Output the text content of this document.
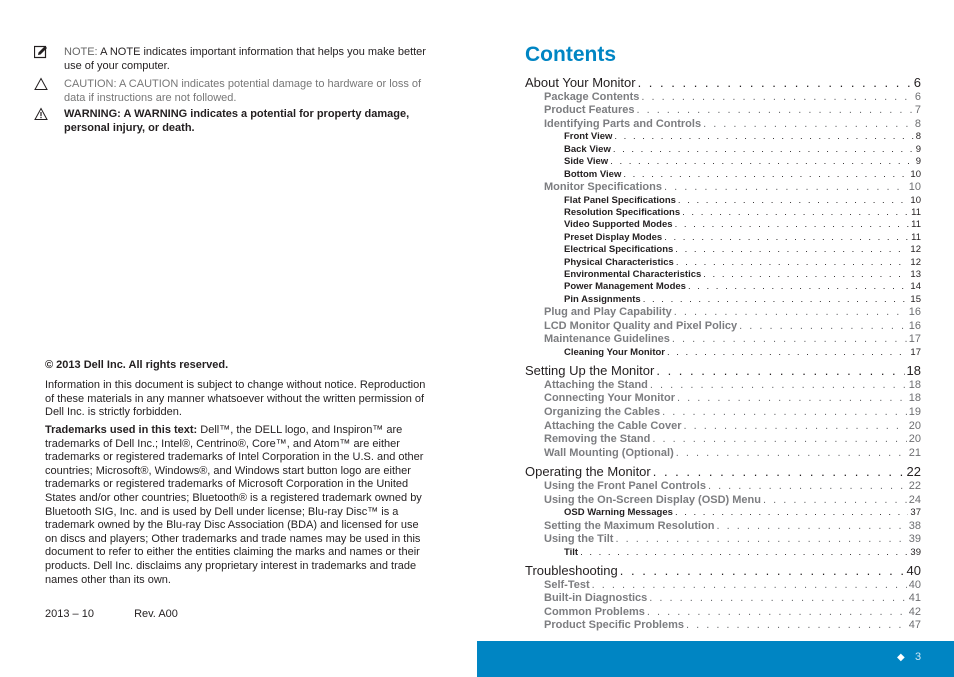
NOTE: A NOTE indicates important information that helps you make better use of your computer.
CAUTION: A CAUTION indicates potential damage to hardware or loss of data if instructions are not followed.
WARNING: A WARNING indicates a potential for property damage, personal injury, or death.
© 2013 Dell Inc. All rights reserved.

Information in this document is subject to change without notice. Reproduction of these materials in any manner whatsoever without the written permission of Dell Inc. is strictly forbidden.

Trademarks used in this text: Dell™, the DELL logo, and Inspiron™ are trademarks of Dell Inc.; Intel®, Centrino®, Core™, and Atom™ are either trademarks or registered trademarks of Intel Corporation in the U.S. and other countries; Microsoft®, Windows®, and Windows start button logo are either trademarks or registered trademarks of Microsoft Corporation in the United States and/or other countries; Bluetooth® is a registered trademark owned by Bluetooth SIG, Inc. and is used by Dell under license; Blu-ray Disc™ is a trademark owned by the Blu-ray Disc Association (BDA) and licensed for use on discs and players; Other trademarks and trade names may be used in this document to refer to either the entities claiming the marks and names or their products. Dell Inc. disclaims any proprietary interest in trademarks and trade names other than its own.
2013 – 10	Rev. A00
Contents
About Your Monitor . . .	6
Package Contents . . .	6
Product Features . . .	7
Identifying Parts and Controls . . .	8
Front View . . .	8
Back View . . .	9
Side View . . .	9
Bottom View . . .	10
Monitor Specifications . . .	10
Flat Panel Specifications . . .	10
Resolution Specifications . . .	11
Video Supported Modes . . .	11
Preset Display Modes . . .	11
Electrical Specifications . . .	12
Physical Characteristics . . .	12
Environmental Characteristics . . .	13
Power Management Modes . . .	14
Pin Assignments . . .	15
Plug and Play Capability . . .	16
LCD Monitor Quality and Pixel Policy . . .	16
Maintenance Guidelines . . .	17
Cleaning Your Monitor . . .	17
Setting Up the Monitor . . .	18
Attaching the Stand . . .	18
Connecting Your Monitor . . .	18
Organizing the Cables . . .	19
Attaching the Cable Cover . . .	20
Removing the Stand . . .	20
Wall Mounting (Optional) . . .	21
Operating the Monitor . . .	22
Using the Front Panel Controls . . .	22
Using the On-Screen Display (OSD) Menu . . .	24
OSD Warning Messages . . .	37
Setting the Maximum Resolution . . .	38
Using the Tilt . . .	39
Tilt . . .	39
Troubleshooting . . .	40
Self-Test . . .	40
Built-in Diagnostics . . .	41
Common Problems . . .	42
Product Specific Problems . . .	47
◆ 3
